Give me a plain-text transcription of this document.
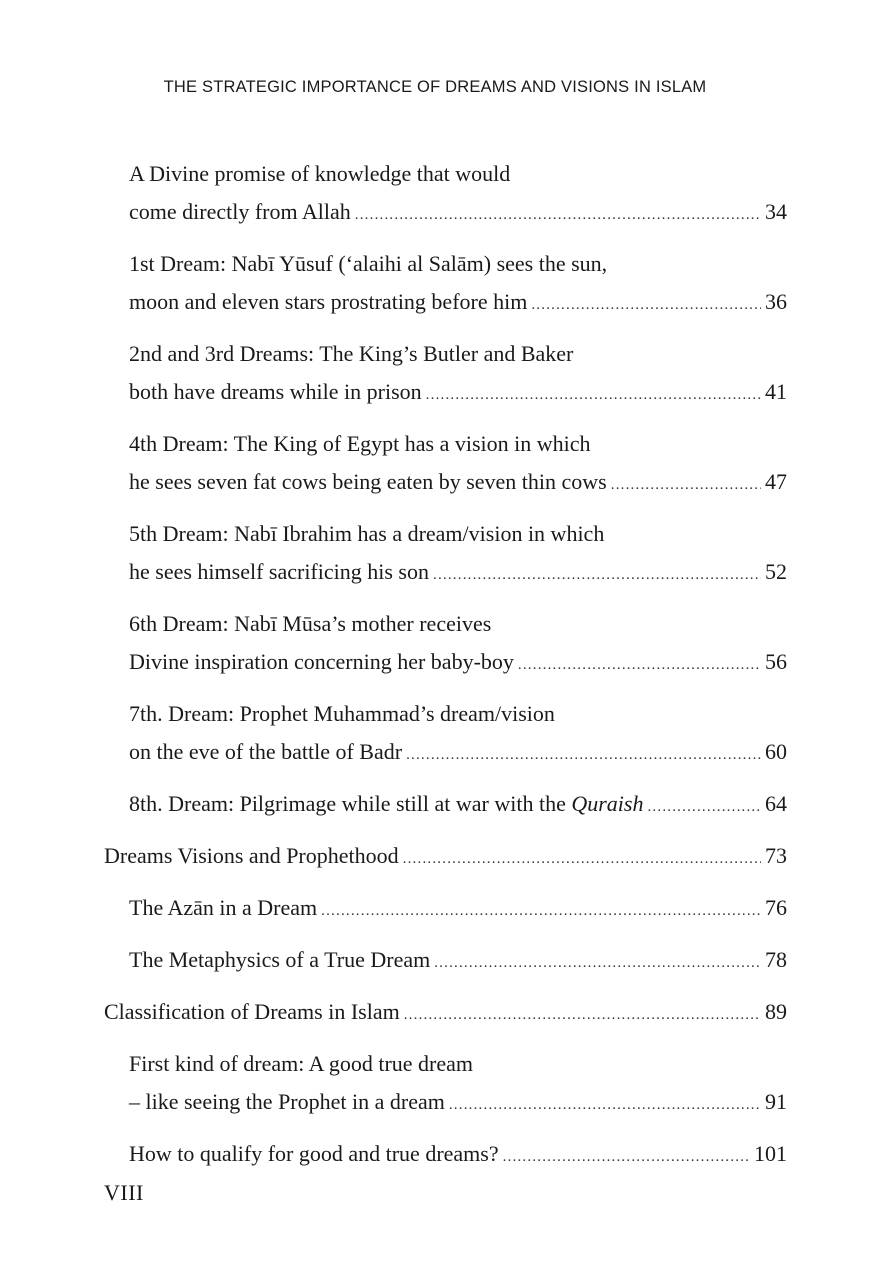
THE STRATEGIC IMPORTANCE OF DREAMS AND VISIONS IN ISLAM
A Divine promise of knowledge that would
come directly from Allah .....	34
1st Dream: Nabī Yūsuf (‘alaihi al Salām) sees the sun,
moon and eleven stars prostrating before him .....	36
2nd and 3rd Dreams: The King’s Butler and Baker
both have dreams while in prison .....	41
4th Dream: The King of Egypt has a vision in which
he sees seven fat cows being eaten by seven thin cows .....	47
5th Dream: Nabī Ibrahim has a dream/vision in which
he sees himself sacrificing his son .....	52
6th Dream: Nabī Mūsa’s mother receives
Divine inspiration concerning her baby-boy .....	56
7th. Dream: Prophet Muhammad’s dream/vision
on the eve of the battle of Badr .....	60
8th. Dream: Pilgrimage while still at war with the Quraish .....	64
Dreams Visions and Prophethood .....	73
The Azān in a Dream .....	76
The Metaphysics of a True Dream .....	78
Classification of Dreams in Islam .....	89
First kind of dream: A good true dream
– like seeing the Prophet in a dream .....	91
How to qualify for good and true dreams? .....	101
VIII
